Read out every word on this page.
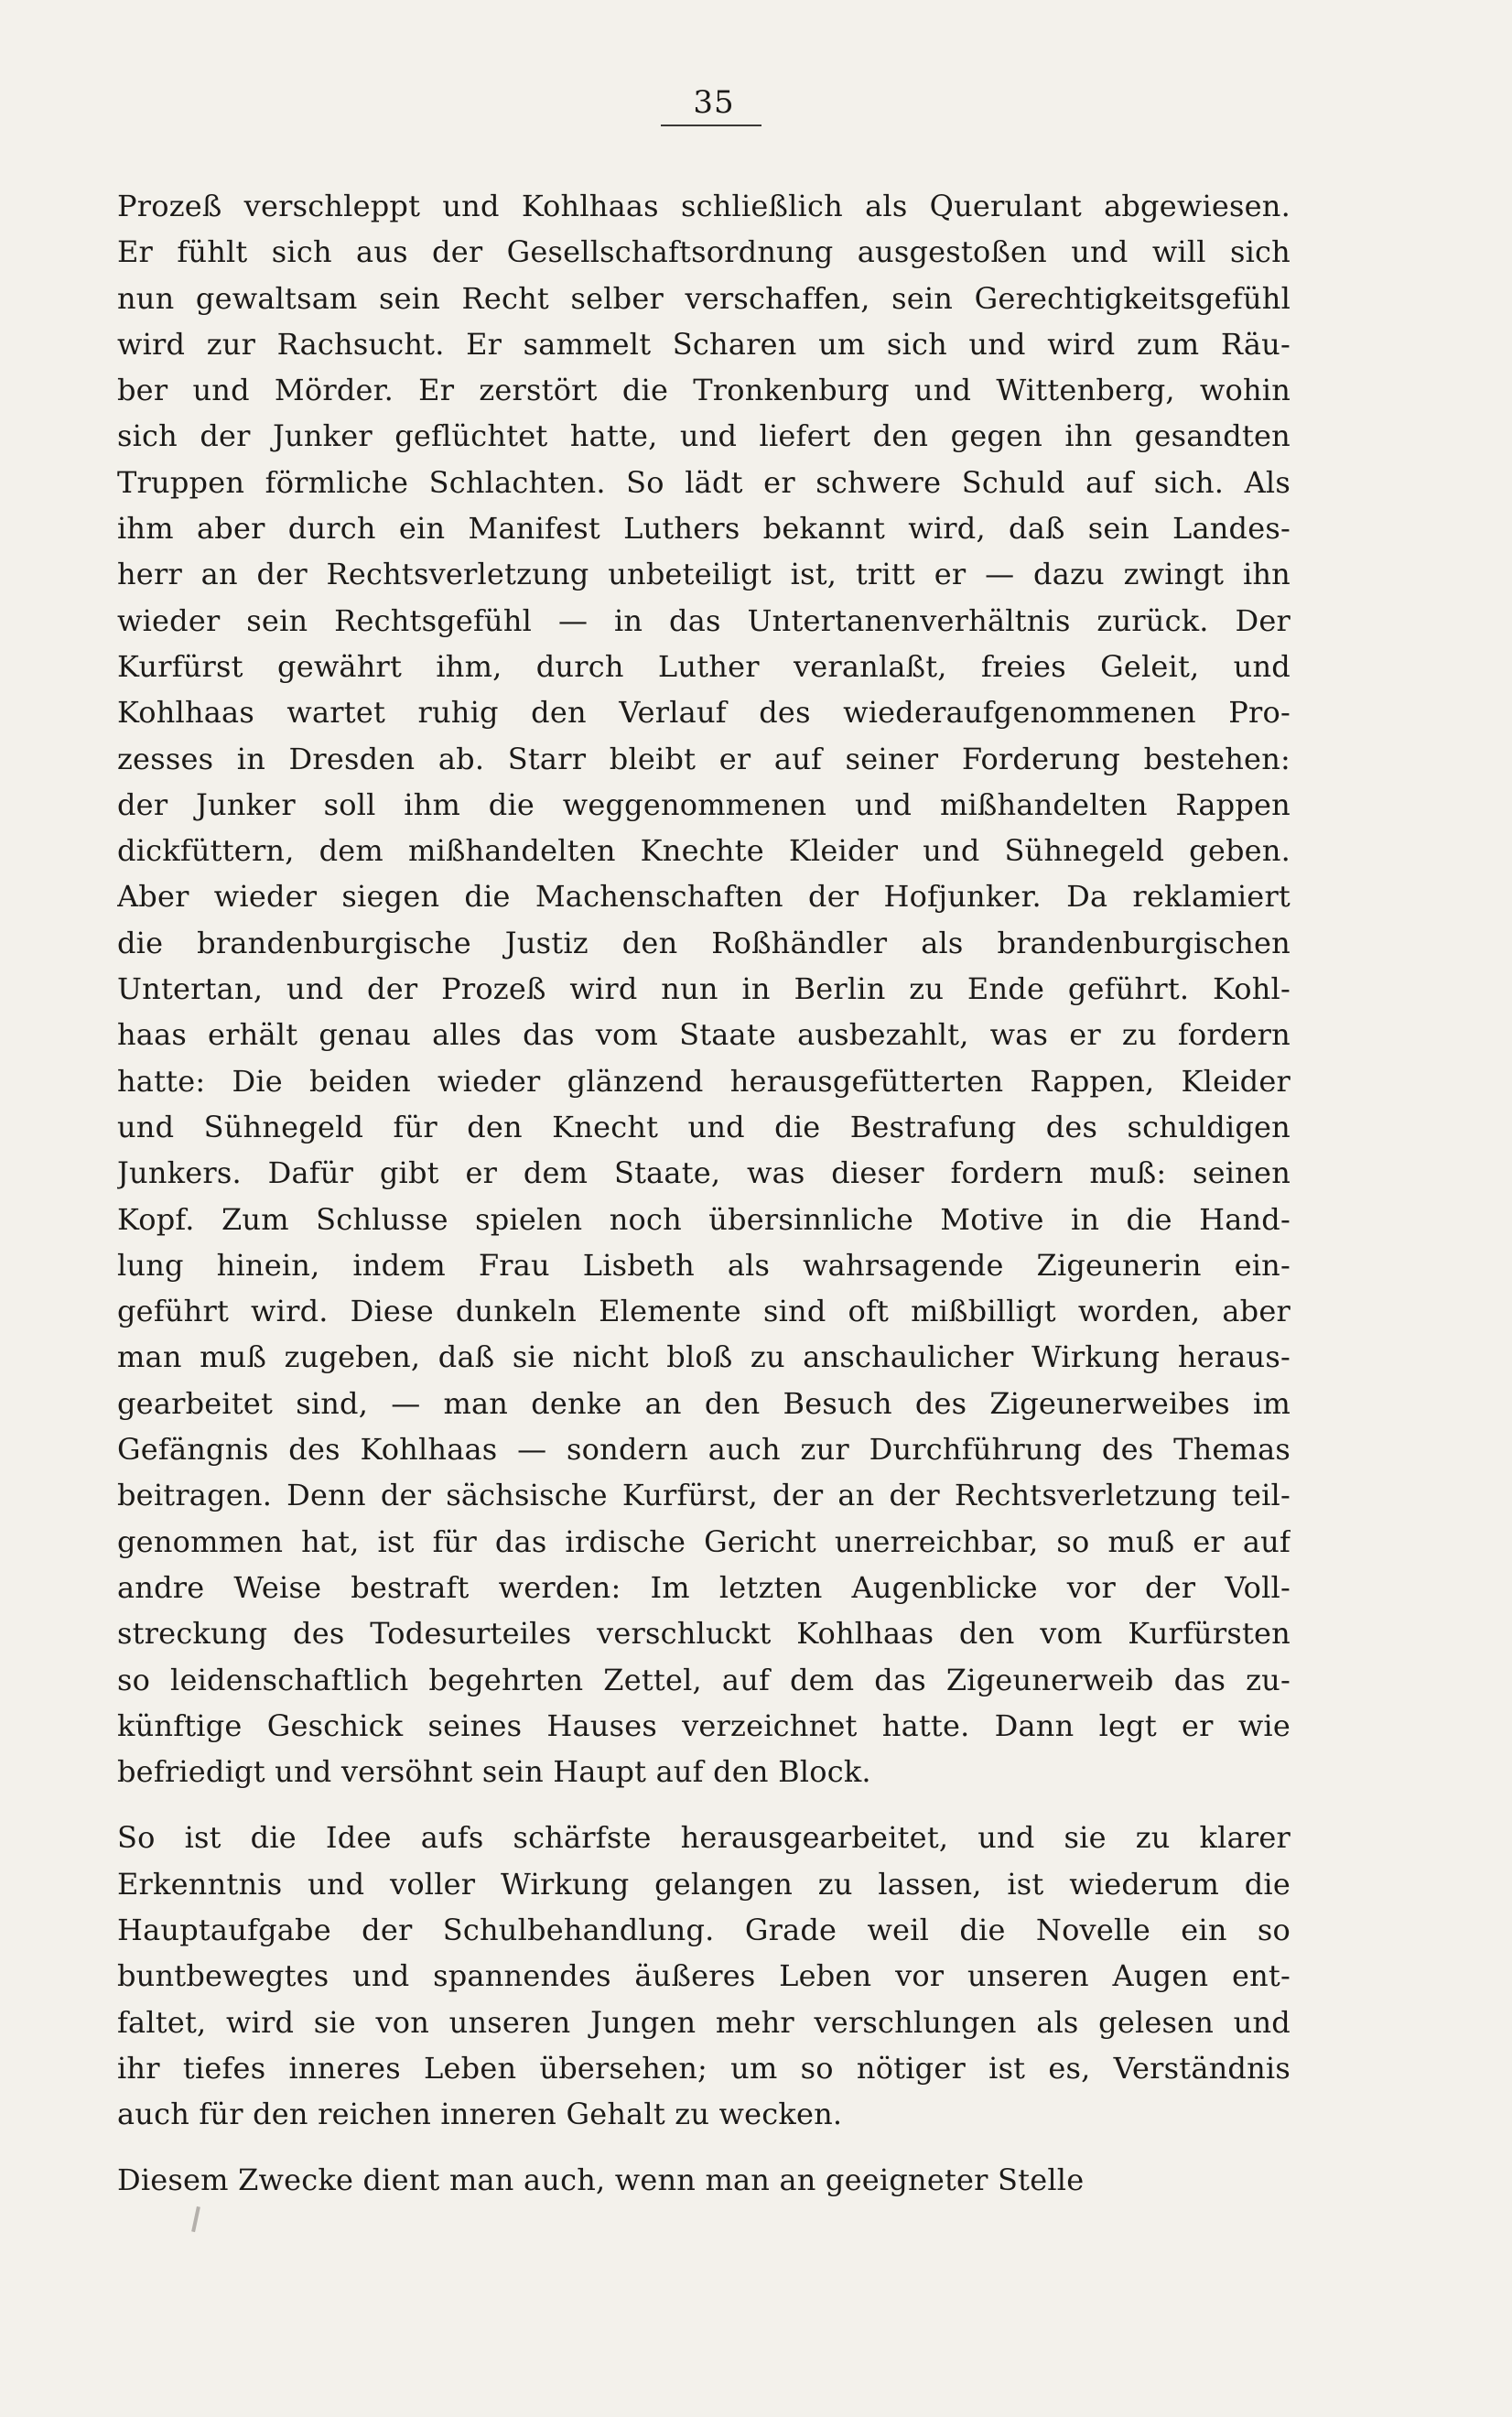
35
Prozeß verschleppt und Kohlhaas schließlich als Querulant abgewiesen.
Er fühlt sich aus der Gesellschaftsordnung ausgestoßen und will sich
nun gewaltsam sein Recht selber verschaffen, sein Gerechtigkeitsgefühl
wird zur Rachsucht. Er sammelt Scharen um sich und wird zum Räu-
ber und Mörder. Er zerstört die Tronkenburg und Wittenberg, wohin
sich der Junker geflüchtet hatte, und liefert den gegen ihn gesandten
Truppen förmliche Schlachten. So lädt er schwere Schuld auf sich. Als
ihm aber durch ein Manifest Luthers bekannt wird, daß sein Landes-
herr an der Rechtsverletzung unbeteiligt ist, tritt er — dazu zwingt ihn
wieder sein Rechtsgefühl — in das Untertanenverhältnis zurück. Der
Kurfürst gewährt ihm, durch Luther veranlaßt, freies Geleit, und
Kohlhaas wartet ruhig den Verlauf des wiederaufgenommenen Pro-
zesses in Dresden ab. Starr bleibt er auf seiner Forderung bestehen:
der Junker soll ihm die weggenommenen und mißhandelten Rappen
dickfüttern, dem mißhandelten Knechte Kleider und Sühnegeld geben.
Aber wieder siegen die Machenschaften der Hofjunker. Da reklamiert
die brandenburgische Justiz den Roßhändler als brandenburgischen
Untertan, und der Prozeß wird nun in Berlin zu Ende geführt. Kohl-
haas erhält genau alles das vom Staate ausbezahlt, was er zu fordern
hatte: Die beiden wieder glänzend herausgefütterten Rappen, Kleider
und Sühnegeld für den Knecht und die Bestrafung des schuldigen
Junkers. Dafür gibt er dem Staate, was dieser fordern muß: seinen
Kopf. Zum Schlusse spielen noch übersinnliche Motive in die Hand-
lung hinein, indem Frau Lisbeth als wahrsagende Zigeunerin ein-
geführt wird. Diese dunkeln Elemente sind oft mißbilligt worden, aber
man muß zugeben, daß sie nicht bloß zu anschaulicher Wirkung heraus-
gearbeitet sind, — man denke an den Besuch des Zigeunerweibes im
Gefängnis des Kohlhaas — sondern auch zur Durchführung des Themas
beitragen. Denn der sächsische Kurfürst, der an der Rechtsverletzung teil-
genommen hat, ist für das irdische Gericht unerreichbar, so muß er auf
andre Weise bestraft werden: Im letzten Augenblicke vor der Voll-
streckung des Todesurteiles verschluckt Kohlhaas den vom Kurfürsten
so leidenschaftlich begehrten Zettel, auf dem das Zigeunerweib das zu-
künftige Geschick seines Hauses verzeichnet hatte. Dann legt er wie
befriedigt und versöhnt sein Haupt auf den Block.
So ist die Idee aufs schärfste herausgearbeitet, und sie zu klarer
Erkenntnis und voller Wirkung gelangen zu lassen, ist wiederum die
Hauptaufgabe der Schulbehandlung. Grade weil die Novelle ein so
buntbewegtes und spannendes äußeres Leben vor unseren Augen ent-
faltet, wird sie von unseren Jungen mehr verschlungen als gelesen und
ihr tiefes inneres Leben übersehen; um so nötiger ist es, Verständnis
auch für den reichen inneren Gehalt zu wecken.
Diesem Zwecke dient man auch, wenn man an geeigneter Stelle
